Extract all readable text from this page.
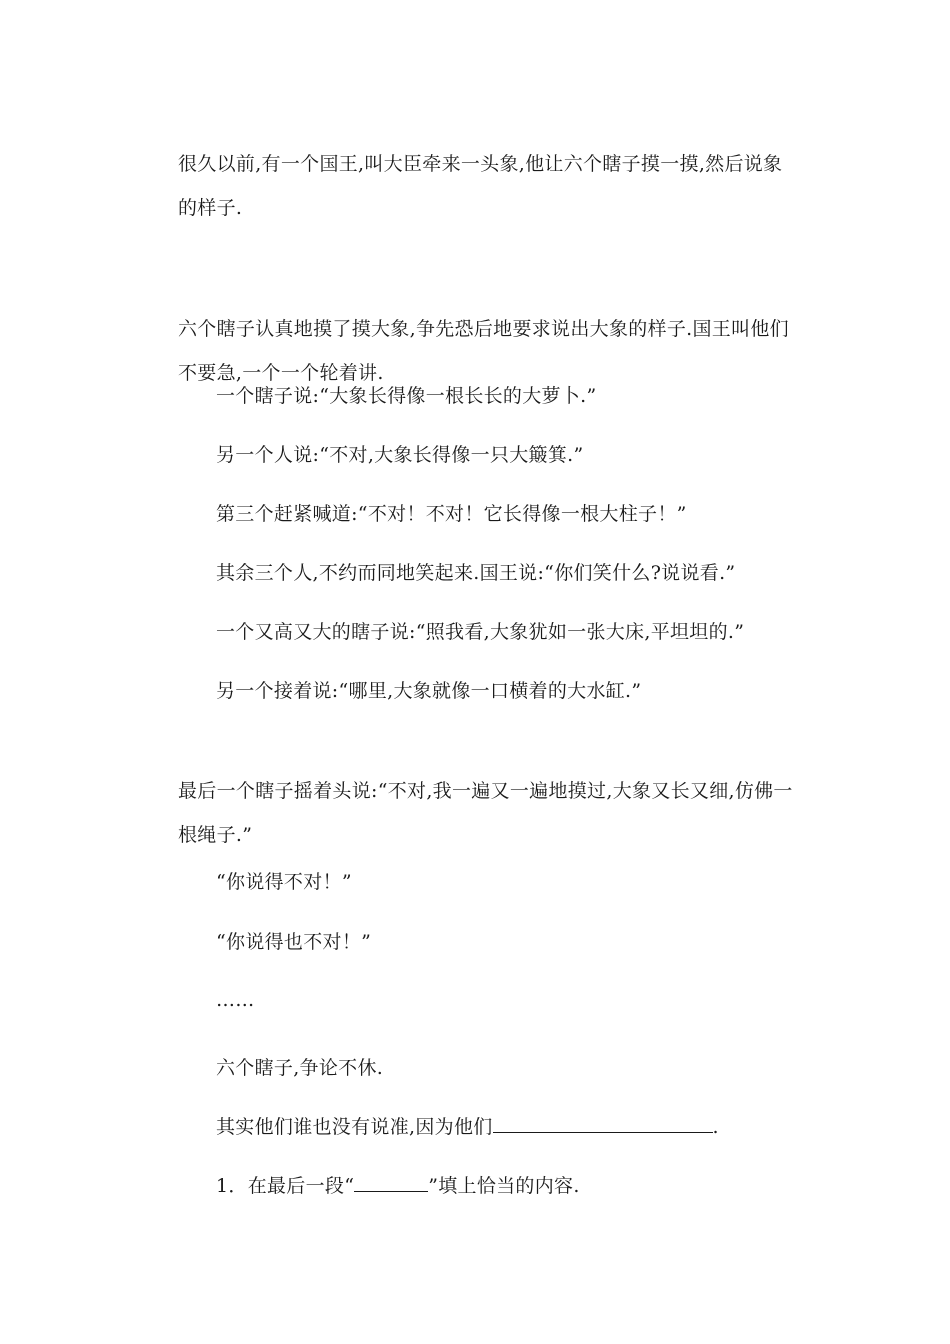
很久以前,有一个国王,叫大臣牵来一头象,他让六个瞎子摸一摸,然后说象的样子.

六个瞎子认真地摸了摸大象,争先恐后地要求说出大象的样子.国王叫他们不要急,一个一个轮着讲.

一个瞎子说:“大象长得像一根长长的大萝卜.”

另一个人说:“不对,大象长得像一只大簸箕.”

第三个赶紧喊道:“不对！不对！它长得像一根大柱子！”

其余三个人,不约而同地笑起来.国王说:“你们笑什么?说说看.”

一个又高又大的瞎子说:“照我看,大象犹如一张大床,平坦坦的.”

另一个接着说:“哪里,大象就像一口横着的大水缸.”

最后一个瞎子摇着头说:“不对,我一遍又一遍地摸过,大象又长又细,仿佛一根绳子.”

“你说得不对！”

“你说得也不对！”

……

六个瞎子,争论不休.

其实他们谁也没有说准,因为他们	.

1．在最后一段“	”填上恰当的内容.
